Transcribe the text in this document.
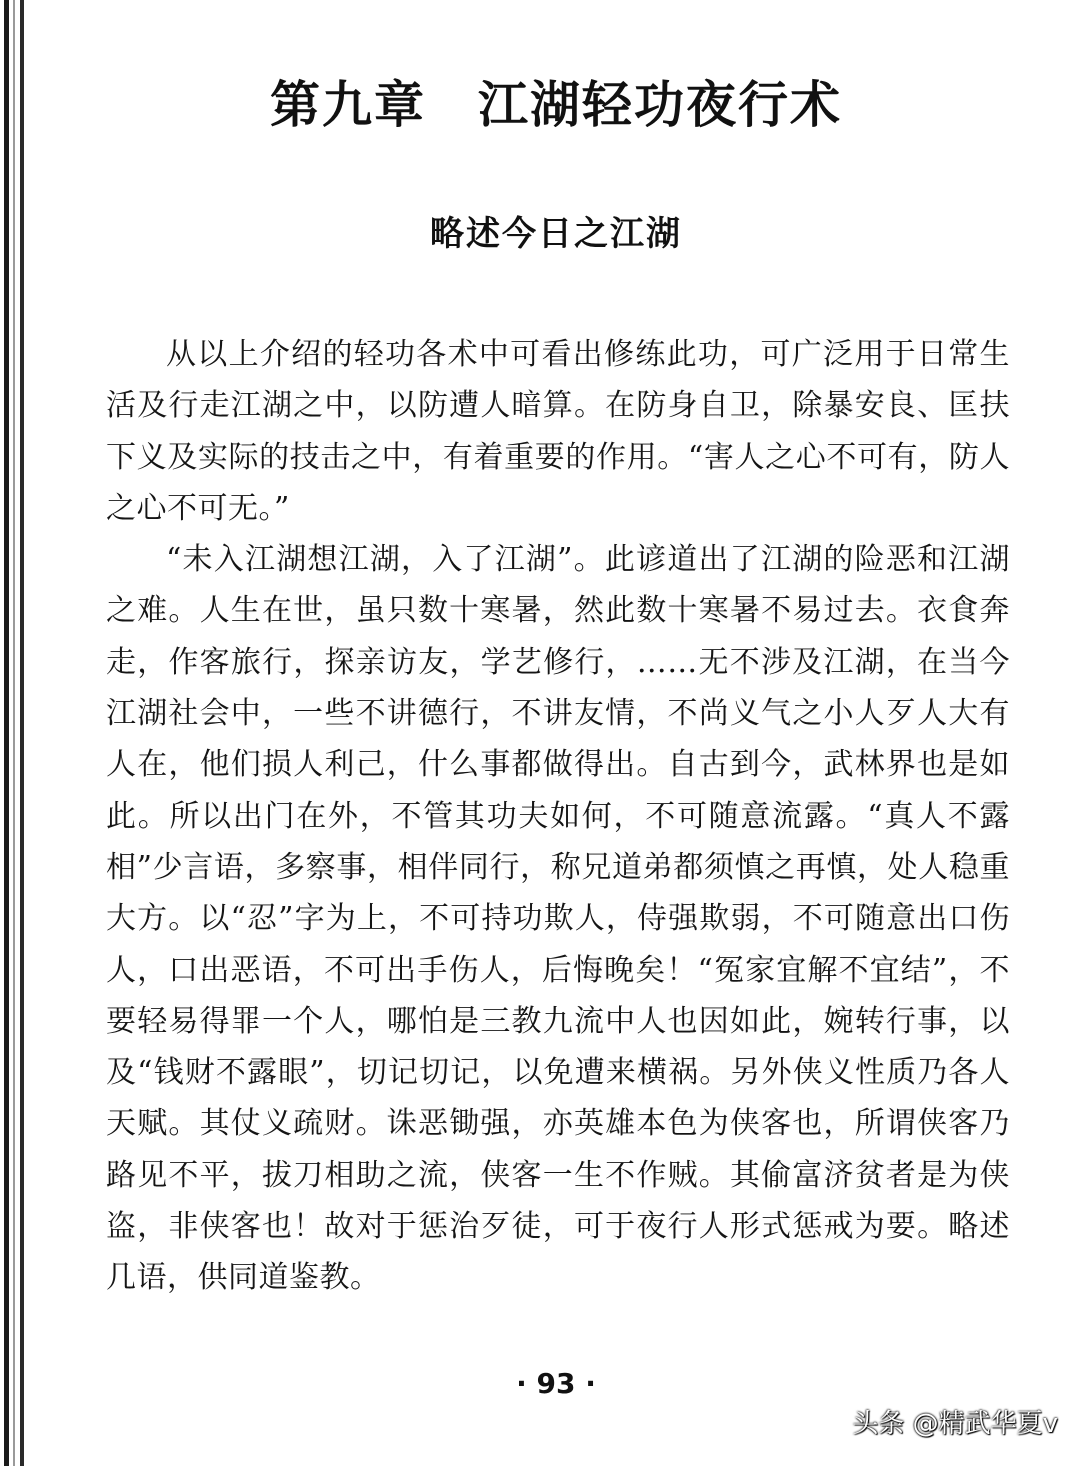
第九章　江湖轻功夜行术
略述今日之江湖

从以上介绍的轻功各术中可看出修练此功，可广泛用于日常生活及行走江湖之中，以防遭人暗算。在防身自卫，除暴安良、匡扶下义及实际的技击之中，有着重要的作用。“害人之心不可有，防人之心不可无。”

“未入江湖想江湖，入了江湖”。此谚道出了江湖的险恶和江湖之难。人生在世，虽只数十寒暑，然此数十寒暑不易过去。衣食奔走，作客旅行，探亲访友，学艺修行，……无不涉及江湖，在当今江湖社会中，一些不讲德行，不讲友情，不尚义气之小人歹人大有人在，他们损人利己，什么事都做得出。自古到今，武林界也是如此。所以出门在外，不管其功夫如何，不可随意流露。“真人不露相”少言语，多察事，相伴同行，称兄道弟都须慎之再慎，处人稳重大方。以“忍”字为上，不可持功欺人，侍强欺弱，不可随意出口伤人，口出恶语，不可出手伤人，后悔晚矣！“冤家宜解不宜结”，不要轻易得罪一个人，哪怕是三教九流中人也因如此，婉转行事，以及“钱财不露眼”，切记切记，以免遭来横祸。另外侠义性质乃各人天赋。其仗义疏财。诛恶锄强，亦英雄本色为侠客也，所谓侠客乃路见不平，拔刀相助之流，侠客一生不作贼。其偷富济贫者是为侠盗，非侠客也！故对于惩治歹徒，可于夜行人形式惩戒为要。略述几语，供同道鉴教。

· 93 ·
头条 @精武华夏v
